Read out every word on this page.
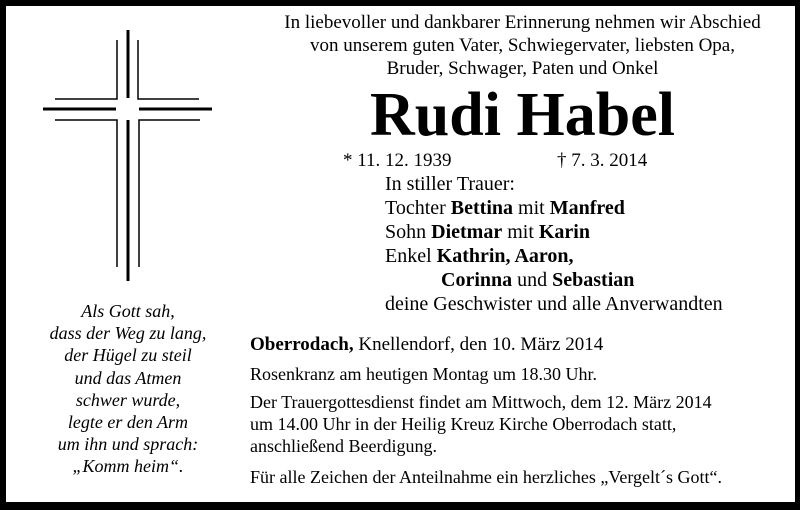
In liebevoller und dankbarer Erinnerung nehmen wir Abschied
von unserem guten Vater, Schwiegervater, liebsten Opa,
Bruder, Schwager, Paten und Onkel
Rudi Habel
* 11. 12. 1939	† 7. 3. 2014
In stiller Trauer:
Tochter Bettina mit Manfred
Sohn Dietmar mit Karin
Enkel Kathrin, Aaron,
Corinna und Sebastian
deine Geschwister und alle Anverwandten
Oberrodach, Knellendorf, den 10. März 2014
Rosenkranz am heutigen Montag um 18.30 Uhr.
Der Trauergottesdienst findet am Mittwoch, dem 12. März 2014
um 14.00 Uhr in der Heilig Kreuz Kirche Oberrodach statt,
anschließend Beerdigung.
Für alle Zeichen der Anteilnahme ein herzliches „Vergelt´s Gott“.
Als Gott sah,
dass der Weg zu lang,
der Hügel zu steil
und das Atmen
schwer wurde,
legte er den Arm
um ihn und sprach:
„Komm heim“.
